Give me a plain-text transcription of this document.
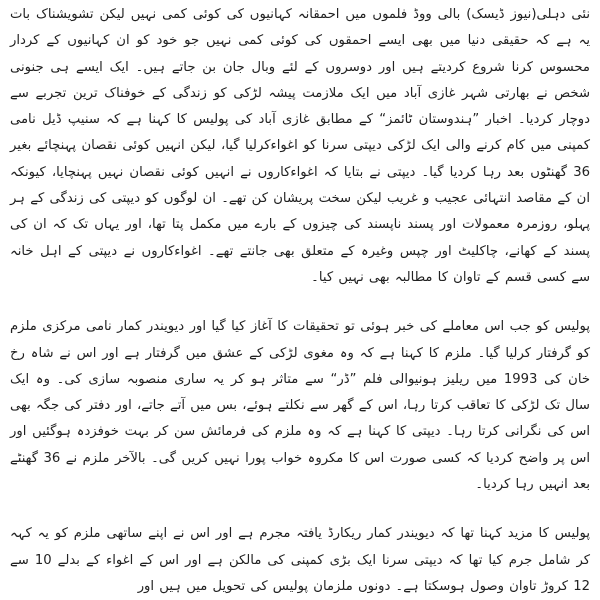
نئی دہلی(نیوز ڈیسک) بالی ووڈ فلموں میں احمقانہ کہانیوں کی کوئی کمی نہیں لیکن تشویشناک بات یہ ہے کہ حقیقی دنیا میں بھی ایسے احمقوں کی کوئی کمی نہیں جو خود کو ان کہانیوں کے کردار محسوس کرنا شروع کردیتے ہیں اور دوسروں کے لئے وبال جان بن جاتے ہیں۔ ایک ایسے ہی جنونی شخص نے بھارتی شہر غازی آباد میں ایک ملازمت پیشہ لڑکی کو زندگی کے خوفناک ترین تجربے سے دوچار کردیا۔ اخبار ”ہندوستان ٹائمز“ کے مطابق غازی آباد کی پولیس کا کہنا ہے کہ سنیپ ڈیل نامی کمپنی میں کام کرنے والی ایک لڑکی دیپتی سرنا کو اغواءکرلیا گیا، لیکن انہیں کوئی نقصان پہنچائے بغیر 36 گھنٹوں بعد رہا کردیا گیا۔ دیپتی نے بتایا کہ اغواءکاروں نے انہیں کوئی نقصان نہیں پہنچایا، کیونکہ ان کے مقاصد انتہائی عجیب و غریب لیکن سخت پریشان کن تھے۔ ان لوگوں کو دیپتی کی زندگی کے ہر پہلو، روزمرہ معمولات اور پسند ناپسند کی چیزوں کے بارے میں مکمل پتا تھا، اور یہاں تک کہ ان کی پسند کے کھانے، چاکلیٹ اور چپس وغیرہ کے متعلق بھی جانتے تھے۔ اغواءکاروں نے دیپتی کے اہل خانہ سے کسی قسم کے تاوان کا مطالبہ بھی نہیں کیا۔

پولیس کو جب اس معاملے کی خبر ہوئی تو تحقیقات کا آغاز کیا گیا اور دیویندر کمار نامی مرکزی ملزم کو گرفتار کرلیا گیا۔ ملزم کا کہنا ہے کہ وہ مغوی لڑکی کے عشق میں گرفتار ہے اور اس نے شاہ رخ خان کی 1993 میں ریلیز ہونیوالی فلم ”ڈر“ سے متاثر ہو کر یہ ساری منصوبہ سازی کی۔ وہ ایک سال تک لڑکی کا تعاقب کرتا رہا، اس کے گھر سے نکلتے ہوئے، بس میں آتے جاتے، اور دفتر کی جگہ بھی اس کی نگرانی کرتا رہا۔ دیپتی کا کہنا ہے کہ وہ ملزم کی فرمائش سن کر بہت خوفزدہ ہوگئیں اور اس پر واضح کردیا کہ کسی صورت اس کا مکروہ خواب پورا نہیں کریں گی۔ بالآخر ملزم نے 36 گھنٹے بعد انہیں رہا کردیا۔

پولیس کا مزید کہنا تھا کہ دیویندر کمار ریکارڈ یافتہ مجرم ہے اور اس نے اپنے ساتھی ملزم کو یہ کہہ کر شامل جرم کیا تھا کہ دیپتی سرنا ایک بڑی کمپنی کی مالکن ہے اور اس کے اغواء کے بدلے 10 سے 12 کروڑ تاوان وصول ہوسکتا ہے۔ دونوں ملزمان پولیس کی تحویل میں ہیں اور
